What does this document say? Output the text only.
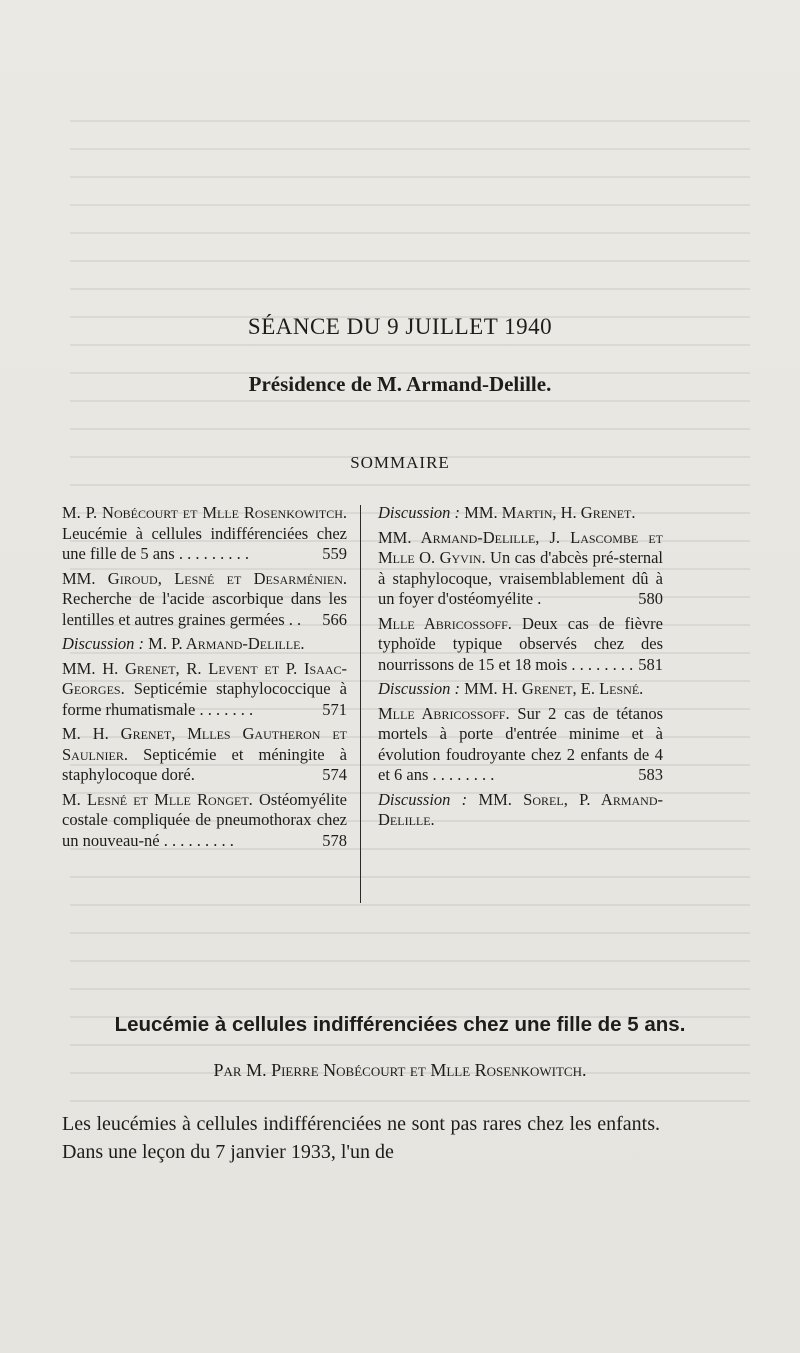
SÉANCE DU 9 JUILLET 1940
Présidence de M. Armand-Delille.
SOMMAIRE
M. P. Nobécourt et Mlle Rosenkowitch. Leucémie à cellules indifférenciées chez une fille de 5 ans . . . . . . . . .	559
MM. Giroud, Lesné et Desarménien. Recherche de l'acide ascorbique dans les lentilles et autres graines germées . . 566
Discussion : M. P. Armand-Delille.
MM. H. Grenet, R. Levent et P. Isaac-Georges. Septicémie staphylococcique à forme rhumatismale . . . . . . .	571
M. H. Grenet, Mlles Gautheron et Saulnier. Septicémie et méningite à staphylocoque doré.	574
M. Lesné et Mlle Ronget. Ostéomyélite costale compliquée de pneumothorax chez un nouveau-né . . . . . . . . .	578
Discussion : MM. Martin, H. Grenet.
MM. Armand-Delille, J. Lascombe et Mlle O. Gyvin. Un cas d'abcès pré-sternal à staphylocoque, vraisemblablement dû à un foyer d'ostéomyélite .	580
Mlle Abricossoff. Deux cas de fièvre typhoïde typique observés chez des nourrissons de 15 et 18 mois . . . . . . . . 581
Discussion : MM. H. Grenet, E. Lesné.
Mlle Abricossoff. Sur 2 cas de tétanos mortels à porte d'entrée minime et à évolution foudroyante chez 2 enfants de 4 et 6 ans . . . . . . . .	583
Discussion : MM. Sorel, P. Armand-Delille.
Leucémie à cellules indifférenciées chez une fille de 5 ans.
Par M. Pierre Nobécourt et Mlle Rosenkowitch.
Les leucémies à cellules indifférenciées ne sont pas rares chez les enfants. Dans une leçon du 7 janvier 1933, l'un de
